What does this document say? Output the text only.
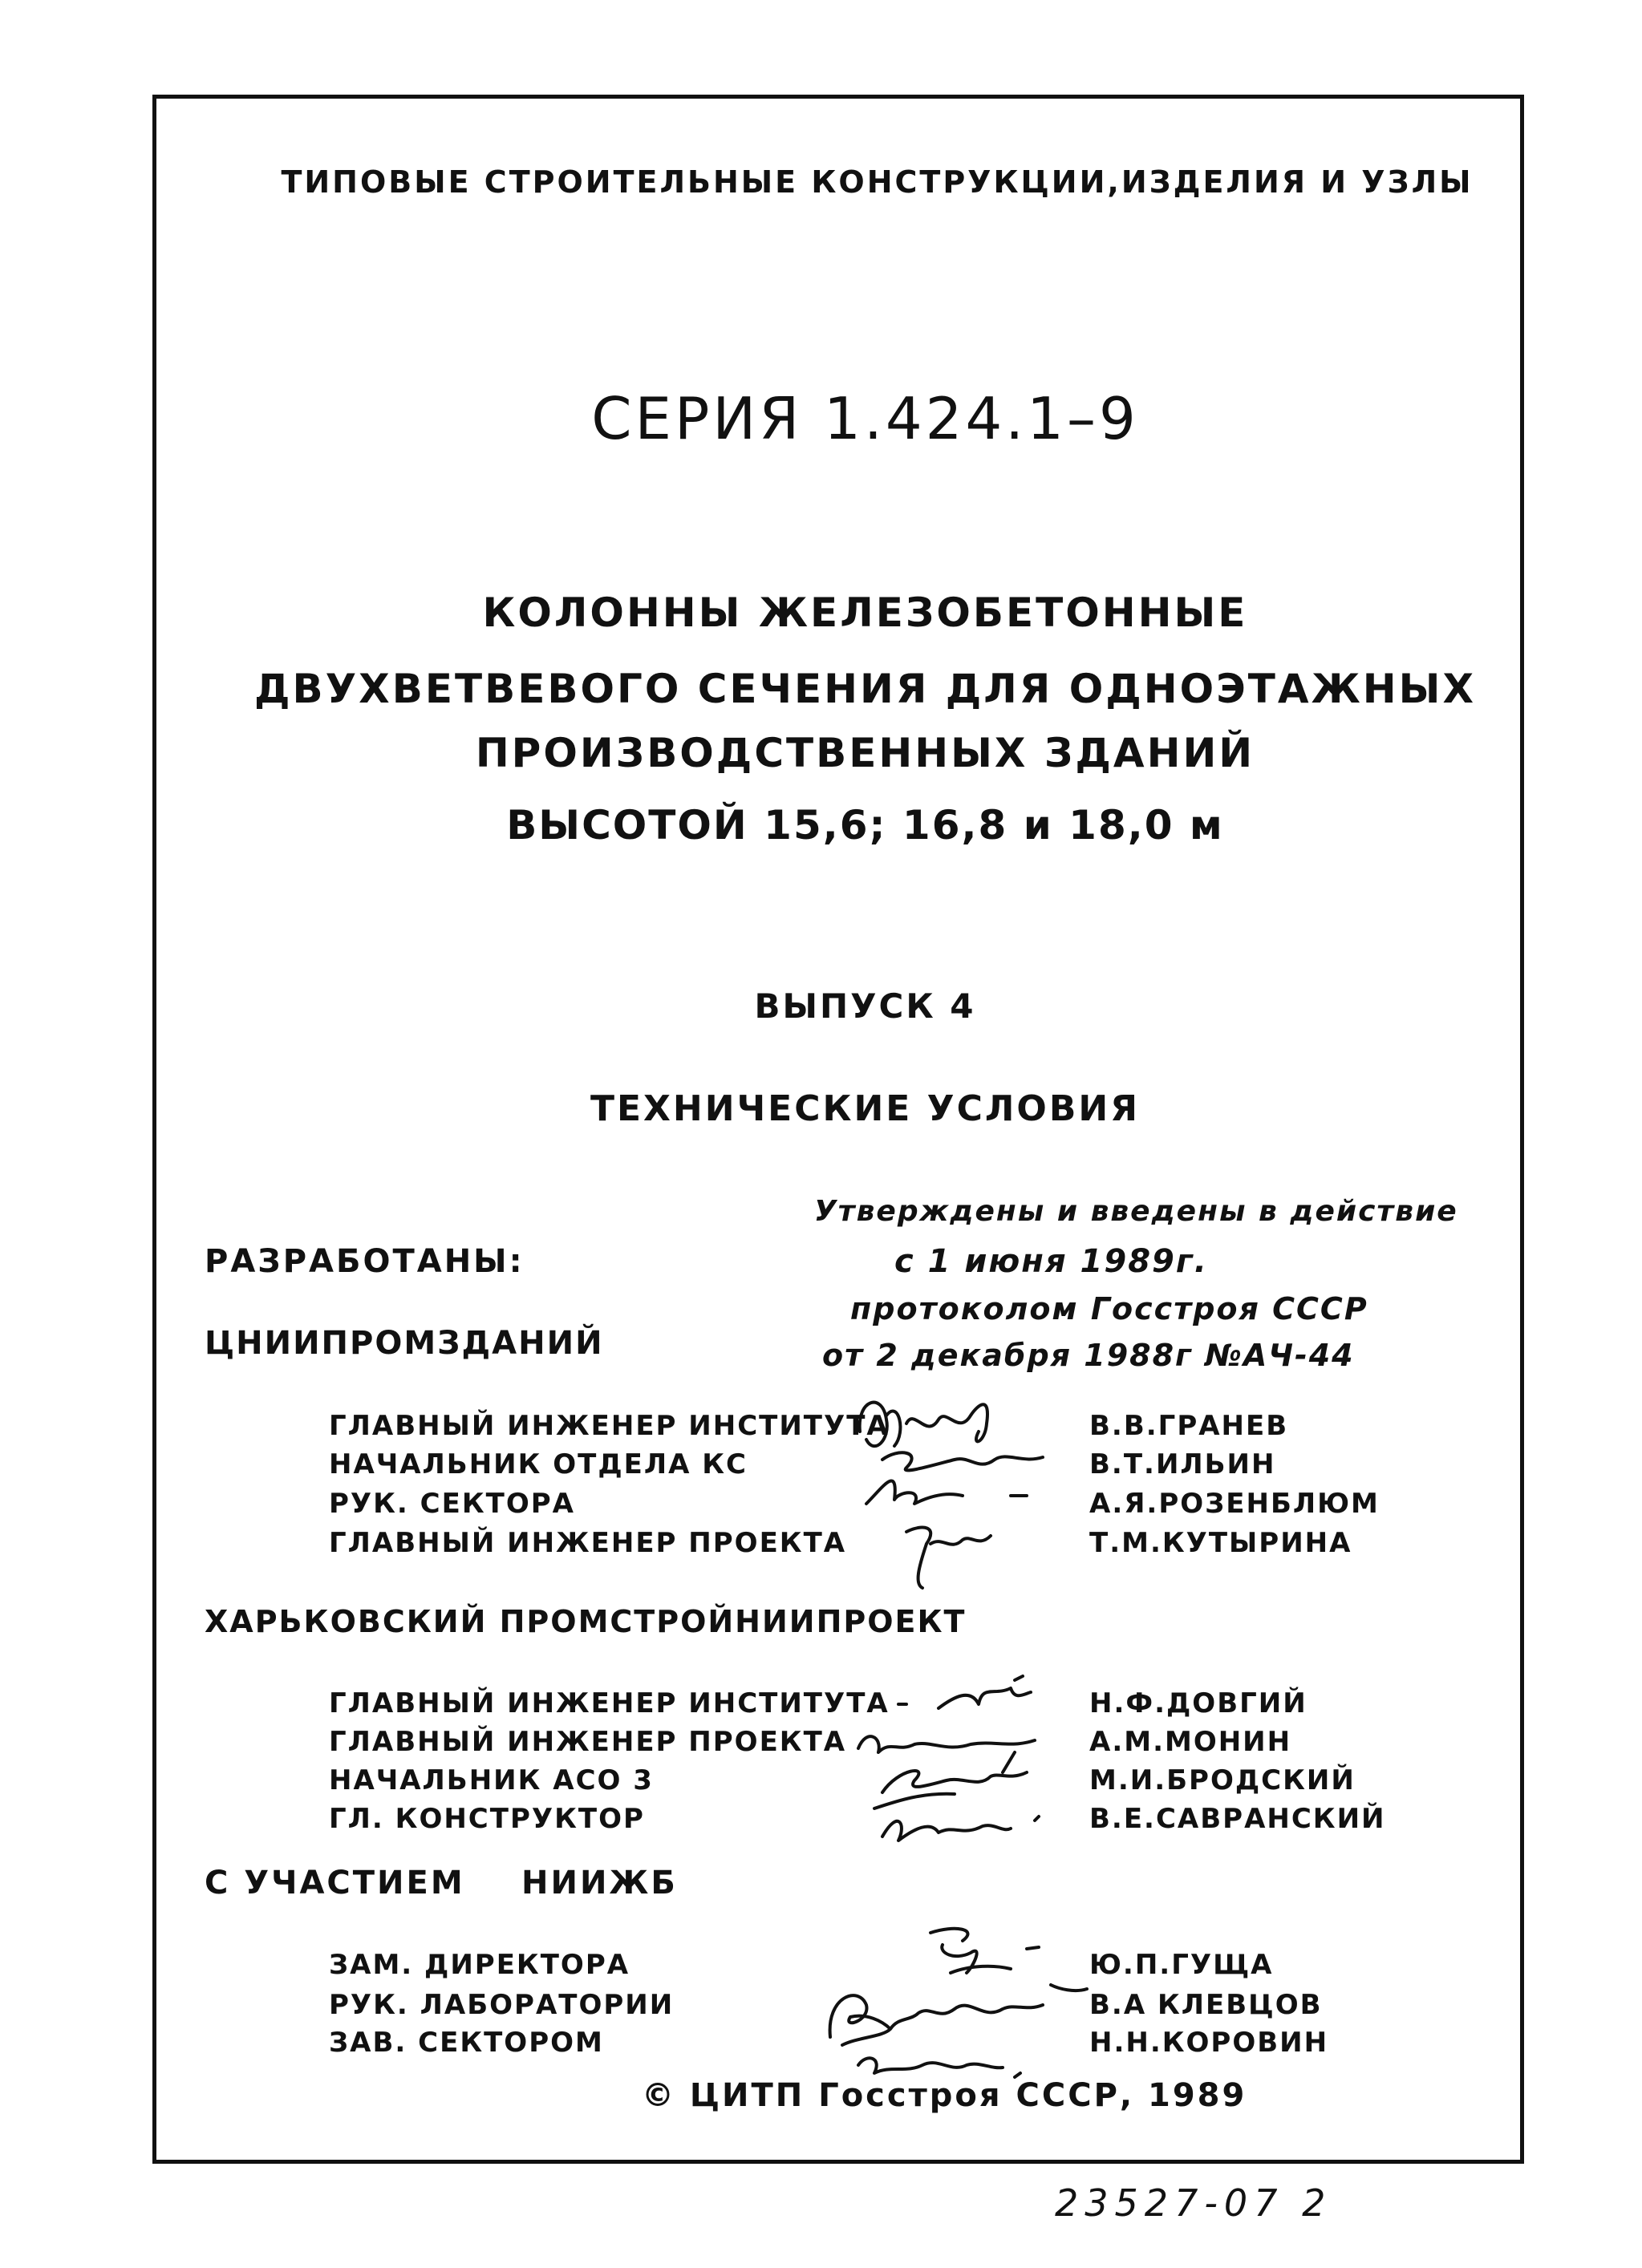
ТИПОВЫЕ СТРОИТЕЛЬНЫЕ КОНСТРУКЦИИ,ИЗДЕЛИЯ И УЗЛЫ
СЕРИЯ 1.424.1–9
КОЛОННЫ ЖЕЛЕЗОБЕТОННЫЕ
ДВУХВЕТВЕВОГО СЕЧЕНИЯ ДЛЯ ОДНОЭТАЖНЫХ
ПРОИЗВОДСТВЕННЫХ ЗДАНИЙ
ВЫСОТОЙ 15,6; 16,8 и 18,0 м
ВЫПУСК 4
ТЕХНИЧЕСКИЕ УСЛОВИЯ
Утверждены и введены в действие
с 1 июня 1989г.
протоколом Госстроя СССР
от 2 декабря 1988г №АЧ-44
РАЗРАБОТАНЫ:
ЦНИИПРОМЗДАНИЙ
ГЛАВНЫЙ ИНЖЕНЕР ИНСТИТУТА
НАЧАЛЬНИК ОТДЕЛА КС
РУК. СЕКТОРА
ГЛАВНЫЙ ИНЖЕНЕР ПРОЕКТА
В.В.ГРАНЕВ
В.Т.ИЛЬИН
А.Я.РОЗЕНБЛЮМ
Т.М.КУТЫРИНА
ХАРЬКОВСКИЙ ПРОМСТРОЙНИИПРОЕКТ
ГЛАВНЫЙ ИНЖЕНЕР ИНСТИТУТА
ГЛАВНЫЙ ИНЖЕНЕР ПРОЕКТА
НАЧАЛЬНИК АСО 3
ГЛ. КОНСТРУКТОР
Н.Ф.ДОВГИЙ
А.М.МОНИН
М.И.БРОДСКИЙ
В.Е.САВРАНСКИЙ
С УЧАСТИЕМ НИИЖБ
ЗАМ. ДИРЕКТОРА
РУК. ЛАБОРАТОРИИ
ЗАВ. СЕКТОРОМ
Ю.П.ГУЩА
В.А КЛЕВЦОВ
Н.Н.КОРОВИН
© ЦИТП Госстроя СССР, 1989
23527-07 2
